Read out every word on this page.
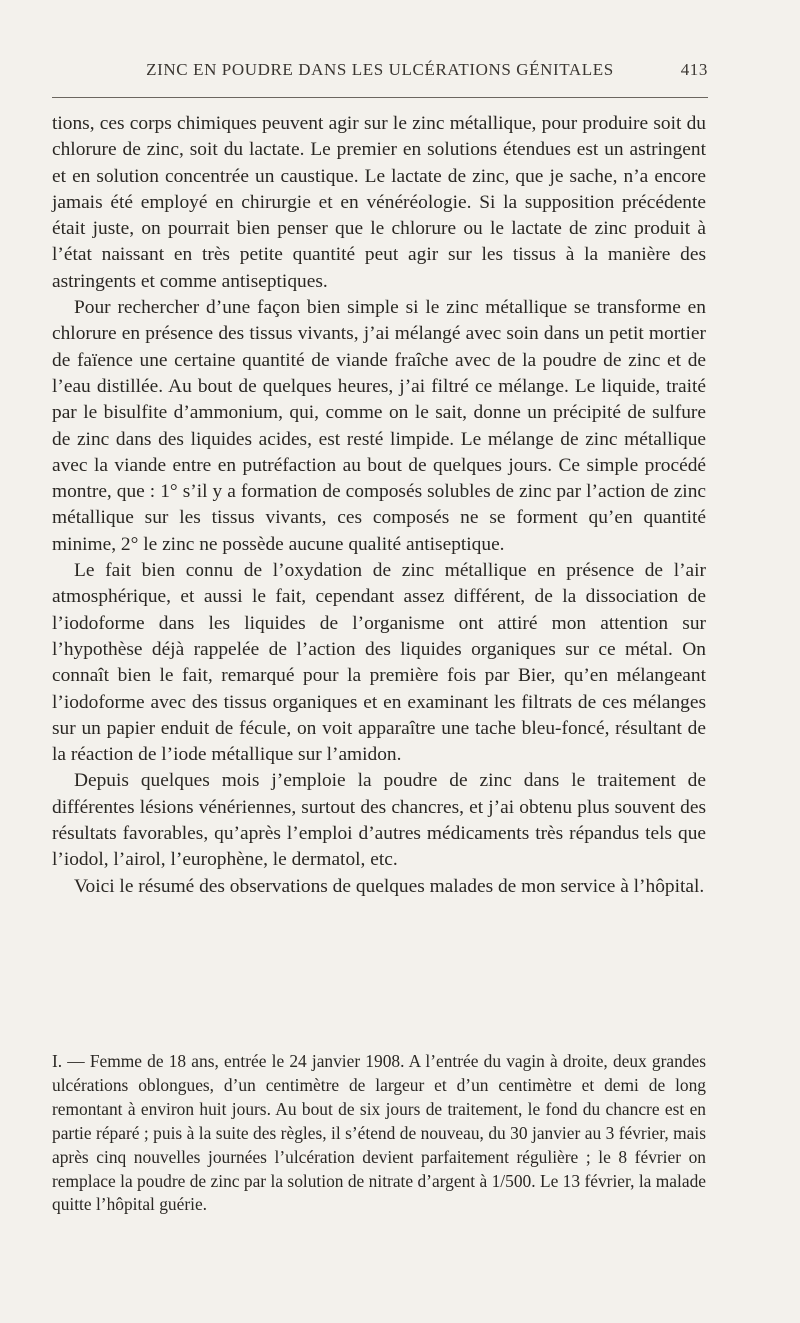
ZINC EN POUDRE DANS LES ULCÉRATIONS GÉNITALES	413

tions, ces corps chimiques peuvent agir sur le zinc métallique, pour produire soit du chlorure de zinc, soit du lactate. Le premier en solutions étendues est un astringent et en solution concentrée un caustique. Le lactate de zinc, que je sache, n’a encore jamais été employé en chirurgie et en vénéréologie. Si la supposition précédente était juste, on pourrait bien penser que le chlorure ou le lactate de zinc produit à l’état naissant en très petite quantité peut agir sur les tissus à la manière des astringents et comme antiseptiques.

Pour rechercher d’une façon bien simple si le zinc métallique se transforme en chlorure en présence des tissus vivants, j’ai mélangé avec soin dans un petit mortier de faïence une certaine quantité de viande fraîche avec de la poudre de zinc et de l’eau distillée. Au bout de quelques heures, j’ai filtré ce mélange. Le liquide, traité par le bisulfite d’ammonium, qui, comme on le sait, donne un précipité de sulfure de zinc dans des liquides acides, est resté limpide. Le mélange de zinc métallique avec la viande entre en putréfaction au bout de quelques jours. Ce simple procédé montre, que : 1° s’il y a formation de composés solubles de zinc par l’action de zinc métallique sur les tissus vivants, ces composés ne se forment qu’en quantité minime, 2° le zinc ne possède aucune qualité antiseptique.

Le fait bien connu de l’oxydation de zinc métallique en présence de l’air atmosphérique, et aussi le fait, cependant assez différent, de la dissociation de l’iodoforme dans les liquides de l’organisme ont attiré mon attention sur l’hypothèse déjà rappelée de l’action des liquides organiques sur ce métal. On connaît bien le fait, remarqué pour la première fois par Bier, qu’en mélangeant l’iodoforme avec des tissus organiques et en examinant les filtrats de ces mélanges sur un papier enduit de fécule, on voit apparaître une tache bleu-foncé, résultant de la réaction de l’iode métallique sur l’amidon.

Depuis quelques mois j’emploie la poudre de zinc dans le traitement de différentes lésions vénériennes, surtout des chancres, et j’ai obtenu plus souvent des résultats favorables, qu’après l’emploi d’autres médicaments très répandus tels que l’iodol, l’airol, l’europhène, le dermatol, etc.

Voici le résumé des observations de quelques malades de mon service à l’hôpital.

I. — Femme de 18 ans, entrée le 24 janvier 1908. A l’entrée du vagin à droite, deux grandes ulcérations oblongues, d’un centimètre de largeur et d’un centimètre et demi de long remontant à environ huit jours. Au bout de six jours de traitement, le fond du chancre est en partie réparé ; puis à la suite des règles, il s’étend de nouveau, du 30 janvier au 3 février, mais après cinq nouvelles journées l’ulcération devient parfaitement régulière ; le 8 février on remplace la poudre de zinc par la solution de nitrate d’argent à 1/500. Le 13 février, la malade quitte l’hôpital guérie.
